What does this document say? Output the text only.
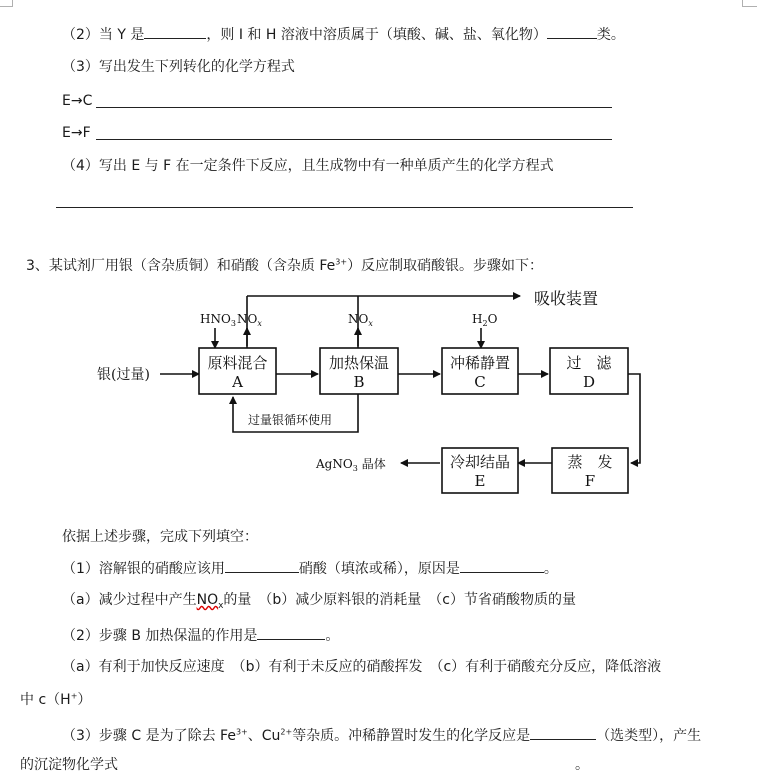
（2）当 Y 是	，则 I 和 H 溶液中溶质属于（填酸、碱、盐、氧化物）	类。
（3）写出发生下列转化的化学方程式
E→C
E→F
（4）写出 E 与 F 在一定条件下反应，且生成物中有一种单质产生的化学方程式
3、某试剂厂用银（含杂质铜）和硝酸（含杂质 $Fe^{3+}$）反应制取硝酸银。步骤如下：
原料混合
A
加热保温
B
冲稀静置
C
过　滤
D
冷却结晶
E
蒸　发
F
吸收装置
$HNO_3$ $NO_x$	$NO_x$	$H_2O$
银(过量)
过量银循环使用
AgNO$_3$ 晶体
依据上述步骤，完成下列填空：
（1）溶解银的硝酸应该用	硝酸（填浓或稀），原因是	。
（a）减少过程中产生$NO_x$的量　（b）减少原料银的消耗量　（c）节省硝酸物质的量
（2）步骤 B 加热保温的作用是	。
（a）有利于加快反应速度　（b）有利于未反应的硝酸挥发　（c）有利于硝酸充分反应，降低溶液
中 c（H+）
（3）步骤 C 是为了除去 $Fe^{3+}$、$Cu^{2+}$等杂质。冲稀静置时发生的化学反应是	（选类型），产生
的沉淀物化学式	。
